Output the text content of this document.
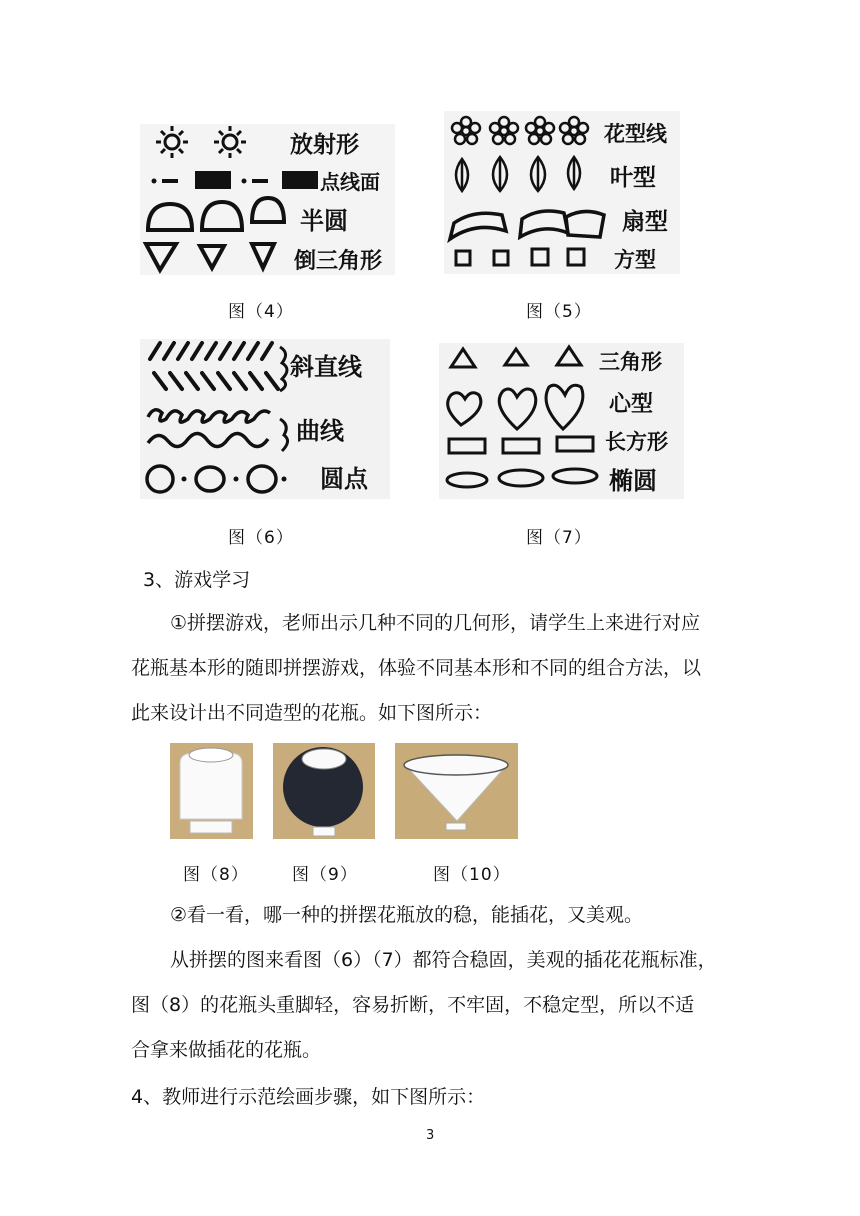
放射形
点线面
半圆
倒三角形
图（4）
花型线
叶型
扇型
方型
图（5）
斜直线
曲线
圆点
图（6）
三角形
心型
长方形
椭圆
图（7）
3、游戏学习
①拼摆游戏，老师出示几种不同的几何形，请学生上来进行对应
花瓶基本形的随即拼摆游戏，体验不同基本形和不同的组合方法，以
此来设计出不同造型的花瓶。如下图所示：
图（8）	图（9）	图（10）
②看一看，哪一种的拼摆花瓶放的稳，能插花，又美观。
从拼摆的图来看图（6）（7）都符合稳固，美观的插花花瓶标准，
图（8）的花瓶头重脚轻，容易折断，不牢固，不稳定型，所以不适
合拿来做插花的花瓶。
4、教师进行示范绘画步骤，如下图所示：
3
